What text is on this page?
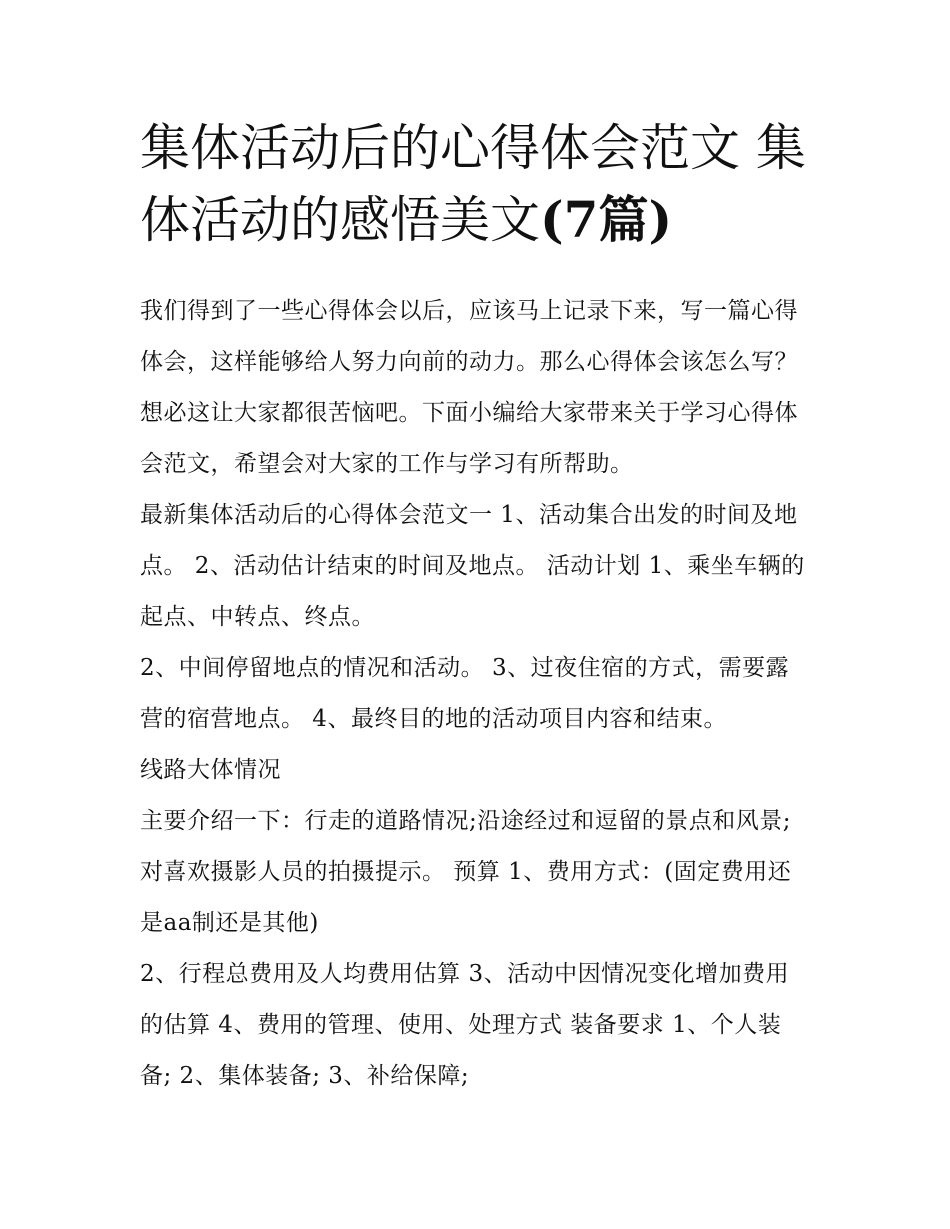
集体活动后的心得体会范文 集体活动的感悟美文(7篇)

我们得到了一些心得体会以后，应该马上记录下来，写一篇心得体会，这样能够给人努力向前的动力。那么心得体会该怎么写？想必这让大家都很苦恼吧。下面小编给大家带来关于学习心得体会范文，希望会对大家的工作与学习有所帮助。

最新集体活动后的心得体会范文一 1、活动集合出发的时间及地点。 2、活动估计结束的时间及地点。 活动计划 1、乘坐车辆的起点、中转点、终点。

2、中间停留地点的情况和活动。 3、过夜住宿的方式，需要露营的宿营地点。 4、最终目的地的活动项目内容和结束。

线路大体情况

主要介绍一下：行走的道路情况;沿途经过和逗留的景点和风景;对喜欢摄影人员的拍摄提示。 预算 1、费用方式：(固定费用还是aa制还是其他)

2、行程总费用及人均费用估算 3、活动中因情况变化增加费用的估算 4、费用的管理、使用、处理方式 装备要求 1、个人装备; 2、集体装备; 3、补给保障;
